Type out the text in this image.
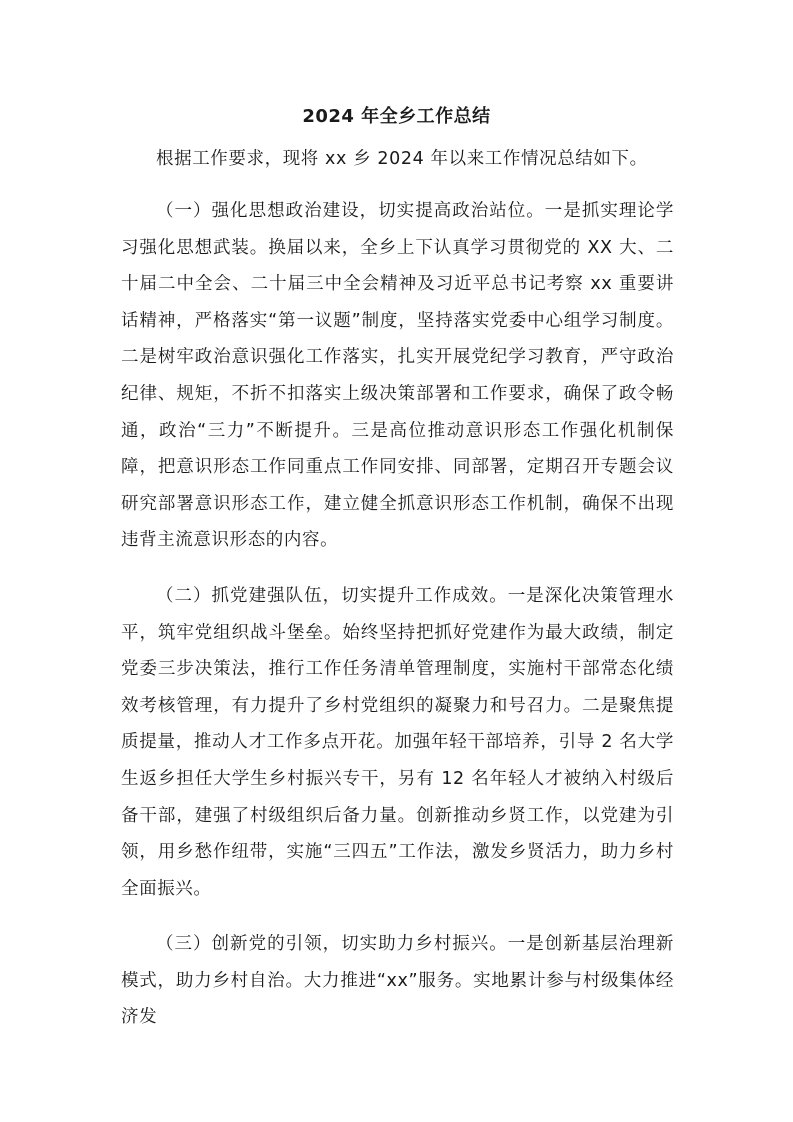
2024 年全乡工作总结

根据工作要求，现将 xx 乡 2024 年以来工作情况总结如下。

（一）强化思想政治建设，切实提高政治站位。一是抓实理论学习强化思想武装。换届以来，全乡上下认真学习贯彻党的 XX 大、二十届二中全会、二十届三中全会精神及习近平总书记考察 xx 重要讲话精神，严格落实“第一议题”制度，坚持落实党委中心组学习制度。二是树牢政治意识强化工作落实，扎实开展党纪学习教育，严守政治纪律、规矩，不折不扣落实上级决策部署和工作要求，确保了政令畅通，政治“三力”不断提升。三是高位推动意识形态工作强化机制保障，把意识形态工作同重点工作同安排、同部署，定期召开专题会议研究部署意识形态工作，建立健全抓意识形态工作机制，确保不出现违背主流意识形态的内容。

（二）抓党建强队伍，切实提升工作成效。一是深化决策管理水平，筑牢党组织战斗堡垒。始终坚持把抓好党建作为最大政绩，制定党委三步决策法，推行工作任务清单管理制度，实施村干部常态化绩效考核管理，有力提升了乡村党组织的凝聚力和号召力。二是聚焦提质提量，推动人才工作多点开花。加强年轻干部培养，引导 2 名大学生返乡担任大学生乡村振兴专干，另有 12 名年轻人才被纳入村级后备干部，建强了村级组织后备力量。创新推动乡贤工作，以党建为引领，用乡愁作纽带，实施“三四五”工作法，激发乡贤活力，助力乡村全面振兴。

（三）创新党的引领，切实助力乡村振兴。一是创新基层治理新模式，助力乡村自治。大力推进“xx”服务。实地累计参与村级集体经济发
